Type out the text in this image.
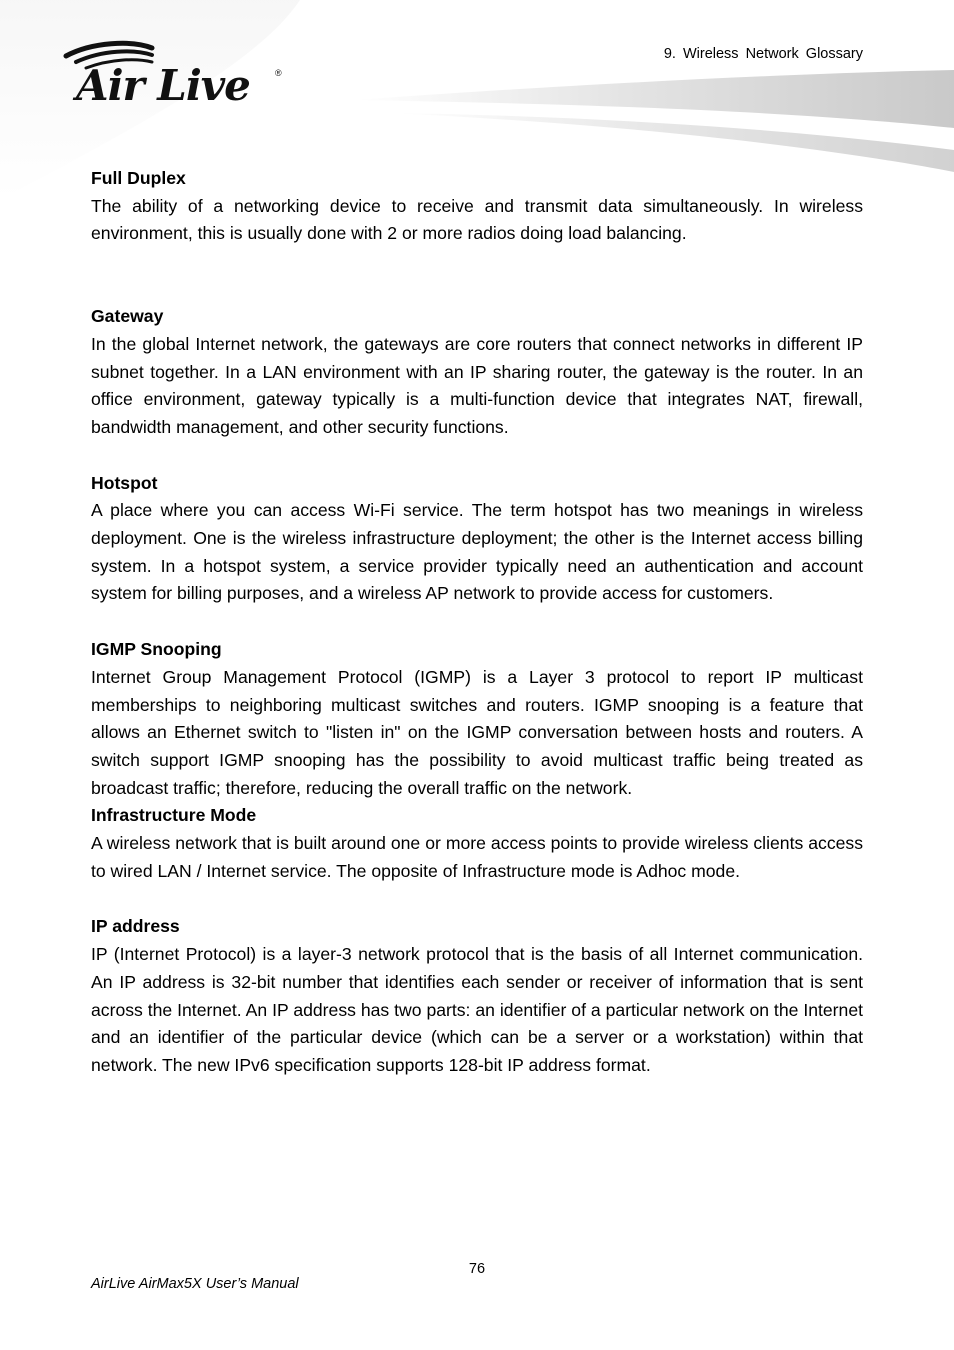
Air Live	®
9. Wireless Network Glossary

Full Duplex

The ability of a networking device to receive and transmit data simultaneously. In wireless environment, this is usually done with 2 or more radios doing load balancing.

Gateway

In the global Internet network, the gateways are core routers that connect networks in different IP subnet together. In a LAN environment with an IP sharing router, the gateway is the router. In an office environment, gateway typically is a multi-function device that integrates NAT, firewall, bandwidth management, and other security functions.

Hotspot

A place where you can access Wi-Fi service. The term hotspot has two meanings in wireless deployment. One is the wireless infrastructure deployment; the other is the Internet access billing system. In a hotspot system, a service provider typically need an authentication and account system for billing purposes, and a wireless AP network to provide access for customers.

IGMP Snooping

Internet Group Management Protocol (IGMP) is a Layer 3 protocol to report IP multicast memberships to neighboring multicast switches and routers. IGMP snooping is a feature that allows an Ethernet switch to "listen in" on the IGMP conversation between hosts and routers. A switch support IGMP snooping has the possibility to avoid multicast traffic being treated as broadcast traffic; therefore, reducing the overall traffic on the network.

Infrastructure Mode

A wireless network that is built around one or more access points to provide wireless clients access to wired LAN / Internet service. The opposite of Infrastructure mode is Adhoc mode.

IP address

IP (Internet Protocol) is a layer-3 network protocol that is the basis of all Internet communication. An IP address is 32-bit number that identifies each sender or receiver of information that is sent across the Internet. An IP address has two parts: an identifier of a particular network on the Internet and an identifier of the particular device (which can be a server or a workstation) within that network. The new IPv6 specification supports 128-bit IP address format.

76
AirLive AirMax5X User’s Manual
